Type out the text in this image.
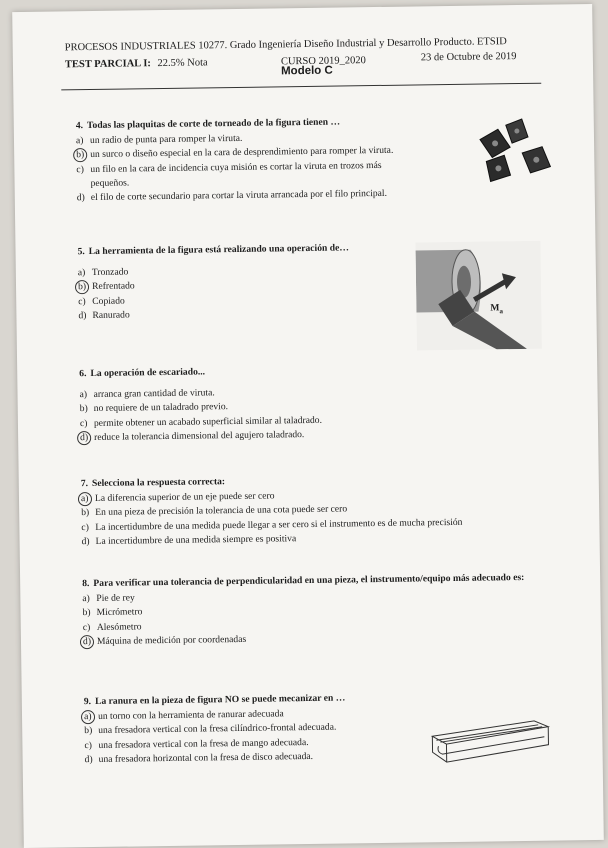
PROCESOS INDUSTRIALES 10277. Grado Ingeniería Diseño Industrial y Desarrollo Producto. ETSID
TEST PARCIAL I: 22.5% Nota	CURSO 2019_2020	23 de Octubre de 2019
Modelo C
4. Todas las plaquitas de corte de torneado de la figura tienen …
a) un radio de punta para romper la viruta.
b) un surco o diseño especial en la cara de desprendimiento para romper la viruta.
c) un filo en la cara de incidencia cuya misión es cortar la viruta en trozos más pequeños.
d) el filo de corte secundario para cortar la viruta arrancada por el filo principal.
5. La herramienta de la figura está realizando una operación de…
a) Tronzado
b) Refrentado
c) Copiado
d) Ranurado
$M_a$
6. La operación de escariado...
a) arranca gran cantidad de viruta.
b) no requiere de un taladrado previo.
c) permite obtener un acabado superficial similar al taladrado.
d) reduce la tolerancia dimensional del agujero taladrado.
7. Selecciona la respuesta correcta:
a) La diferencia superior de un eje puede ser cero
b) En una pieza de precisión la tolerancia de una cota puede ser cero
c) La incertidumbre de una medida puede llegar a ser cero si el instrumento es de mucha precisión
d) La incertidumbre de una medida siempre es positiva
8. Para verificar una tolerancia de perpendicularidad en una pieza, el instrumento/equipo más adecuado es:
a) Pie de rey
b) Micrómetro
c) Alesómetro
d) Máquina de medición por coordenadas
9. La ranura en la pieza de figura NO se puede mecanizar en …
a) un torno con la herramienta de ranurar adecuada
b) una fresadora vertical con la fresa cilíndrico-frontal adecuada.
c) una fresadora vertical con la fresa de mango adecuada.
d) una fresadora horizontal con la fresa de disco adecuada.
